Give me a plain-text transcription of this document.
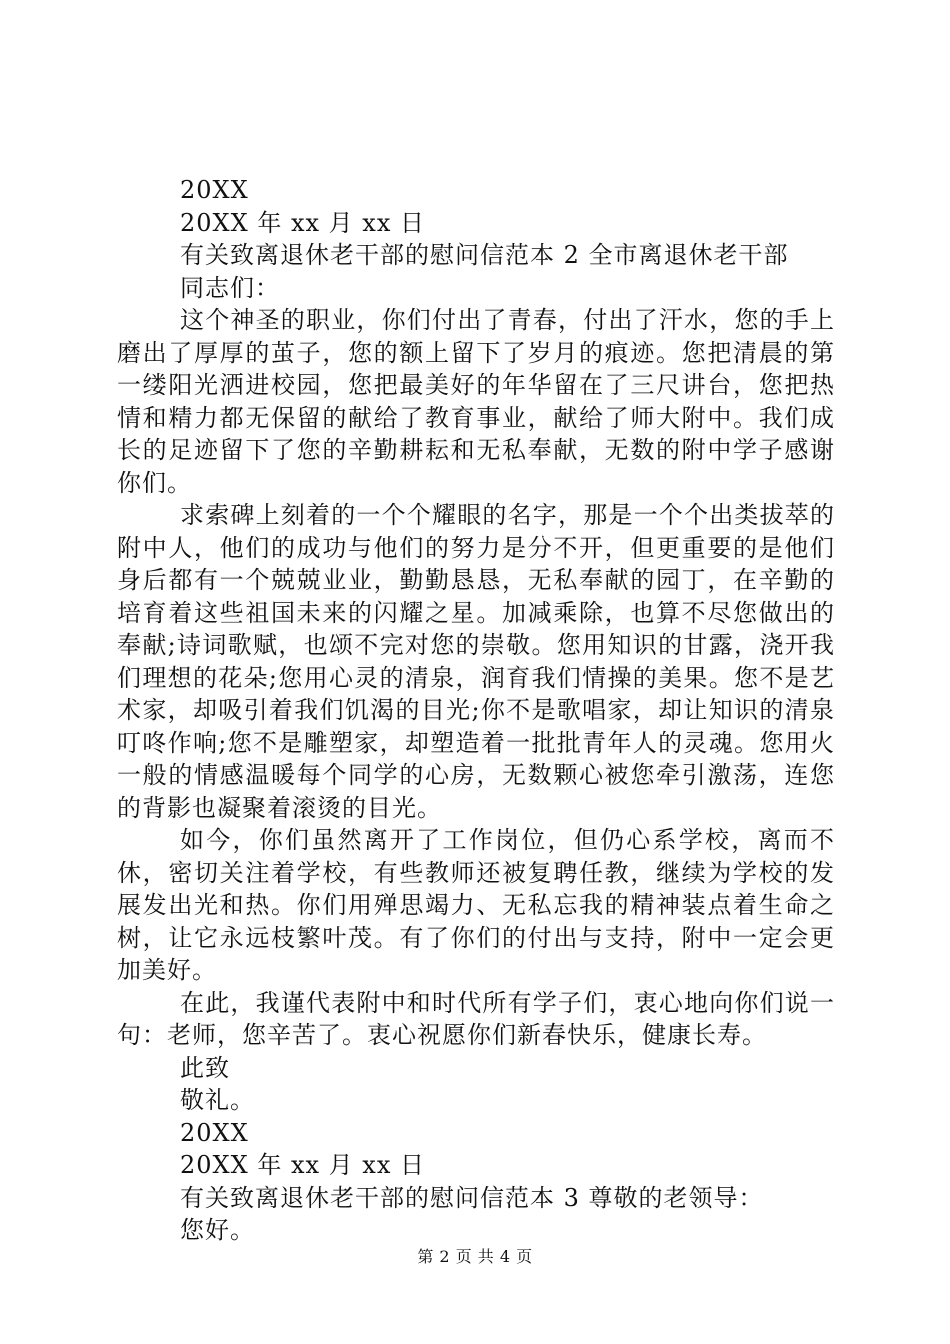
20XX
20XX 年 xx 月 xx 日
有关致离退休老干部的慰问信范本 2 全市离退休老干部
同志们：

这个神圣的职业，你们付出了青春，付出了汗水，您的手上磨出了厚厚的茧子，您的额上留下了岁月的痕迹。您把清晨的第一缕阳光洒进校园，您把最美好的年华留在了三尺讲台，您把热情和精力都无保留的献给了教育事业，献给了师大附中。我们成长的足迹留下了您的辛勤耕耘和无私奉献，无数的附中学子感谢你们。

求索碑上刻着的一个个耀眼的名字，那是一个个出类拔萃的附中人，他们的成功与他们的努力是分不开，但更重要的是他们身后都有一个兢兢业业，勤勤恳恳，无私奉献的园丁，在辛勤的培育着这些祖国未来的闪耀之星。加减乘除，也算不尽您做出的奉献;诗词歌赋，也颂不完对您的崇敬。您用知识的甘露，浇开我们理想的花朵;您用心灵的清泉，润育我们情操的美果。您不是艺术家，却吸引着我们饥渴的目光;你不是歌唱家，却让知识的清泉叮咚作响;您不是雕塑家，却塑造着一批批青年人的灵魂。您用火一般的情感温暖每个同学的心房，无数颗心被您牵引激荡，连您的背影也凝聚着滚烫的目光。

如今，你们虽然离开了工作岗位，但仍心系学校，离而不休，密切关注着学校，有些教师还被复聘任教，继续为学校的发展发出光和热。你们用殚思竭力、无私忘我的精神装点着生命之树，让它永远枝繁叶茂。有了你们的付出与支持，附中一定会更加美好。

在此，我谨代表附中和时代所有学子们，衷心地向你们说一句：老师，您辛苦了。衷心祝愿你们新春快乐，健康长寿。

此致
敬礼。
20XX
20XX 年 xx 月 xx 日
有关致离退休老干部的慰问信范本 3 尊敬的老领导：
您好。
第 2 页 共 4 页
